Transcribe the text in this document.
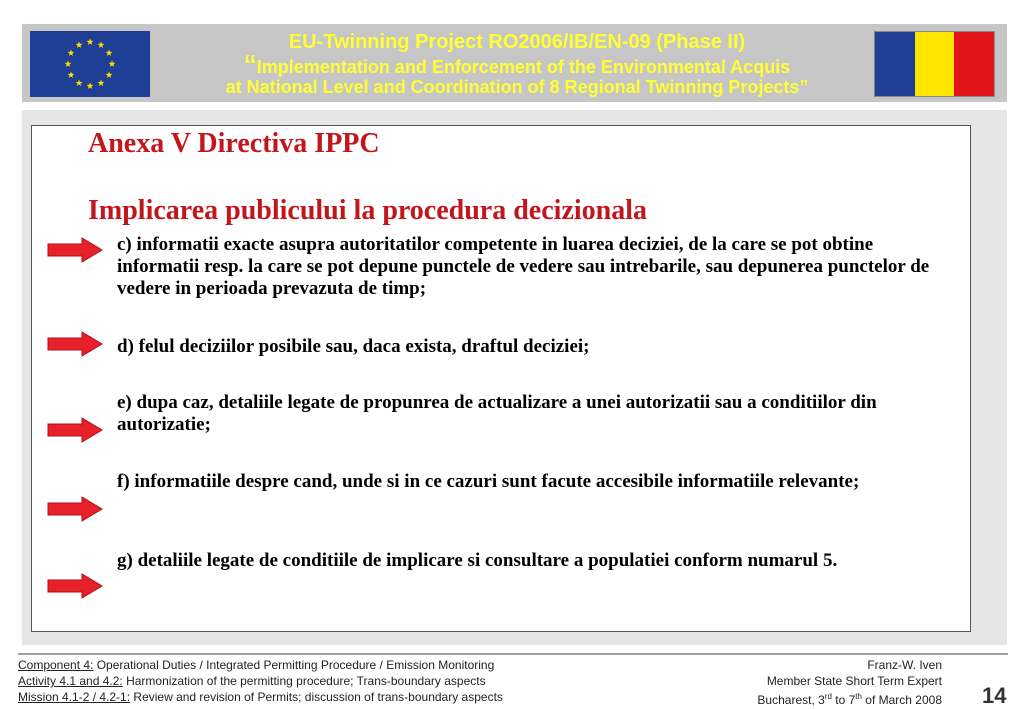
EU-Twinning Project RO2006/IB/EN-09 (Phase II)
“Implementation and Enforcement of the Environmental Acquis
at National Level and Coordination of 8 Regional Twinning Projects”
Anexa V Directiva IPPC
Implicarea publicului la procedura decizionala
c) informatii exacte asupra autoritatilor competente in luarea deciziei, de la care se pot obtine informatii resp. la care se pot depune punctele de vedere sau intrebarile, sau depunerea punctelor de vedere in perioada prevazuta de timp;
d) felul deciziilor posibile sau, daca exista, draftul deciziei;
e) dupa caz, detaliile legate de propunrea de actualizare a unei autorizatii sau a conditiilor din autorizatie;
f) informatiile despre cand, unde si in ce cazuri sunt facute accesibile informatiile relevante;
g) detaliile legate de conditiile de implicare si consultare a populatiei conform numarul 5.
Component 4: Operational Duties / Integrated Permitting Procedure / Emission Monitoring
Activity 4.1 and 4.2: Harmonization of the permitting procedure; Trans-boundary aspects
Mission 4.1-2 / 4.2-1: Review and revision of Permits; discussion of trans-boundary aspects
Franz-W. Iven
Member State Short Term Expert
Bucharest, 3rd to 7th of March 2008 14
